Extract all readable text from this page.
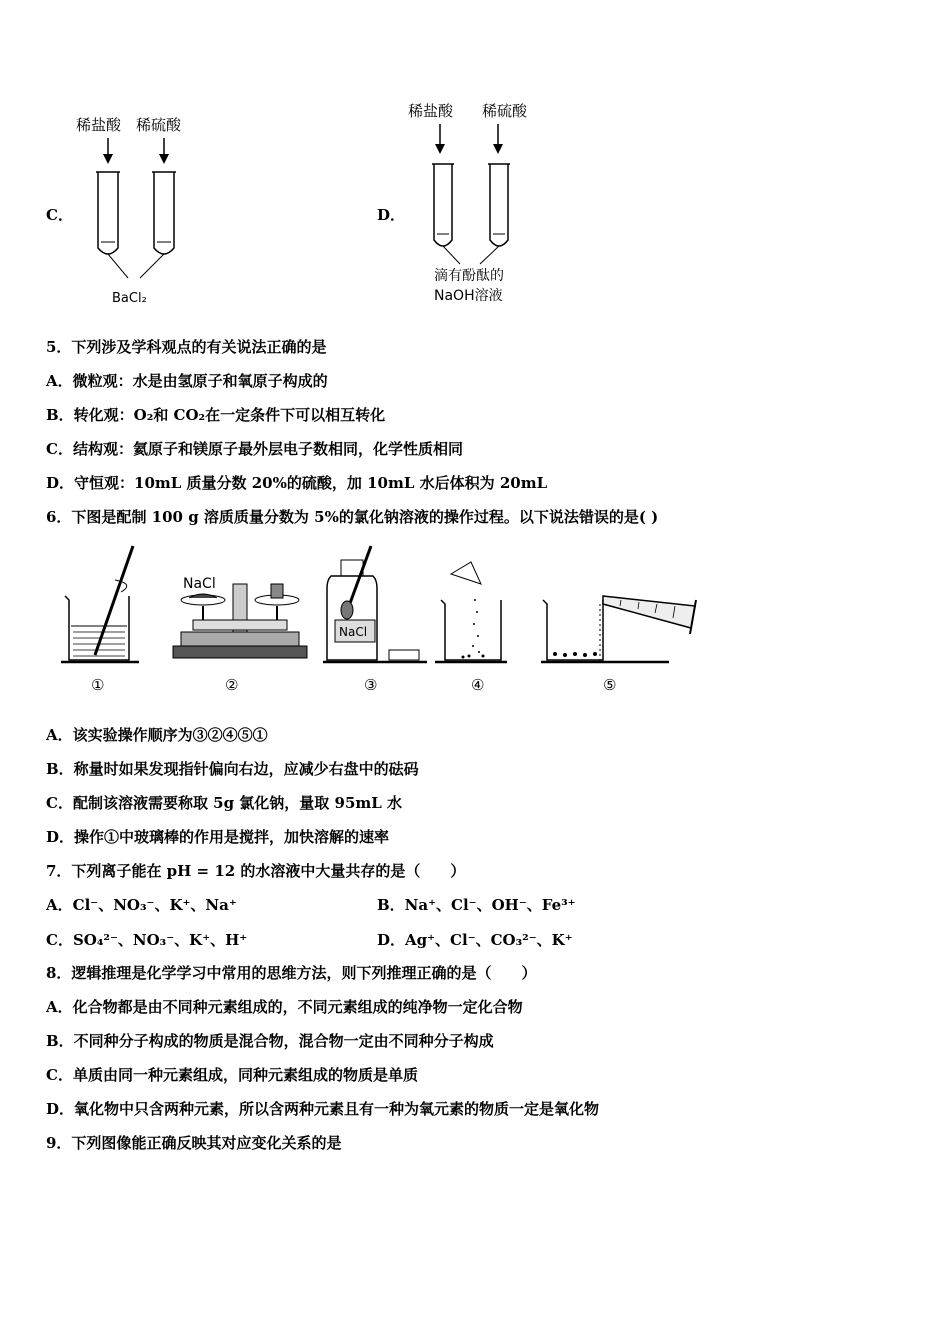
C．
稀盐酸 稀硫酸
BaCl₂
D．
稀盐酸 稀硫酸
滴有酚酞的
NaOH溶液
5．下列涉及学科观点的有关说法正确的是
A．微粒观：水是由氢原子和氧原子构成的
B．转化观：O₂和 CO₂在一定条件下可以相互转化
C．结构观：氦原子和镁原子最外层电子数相同，化学性质相同
D．守恒观：10mL 质量分数 20%的硫酸，加 10mL 水后体积为 20mL
6．下图是配制 100 g 溶质质量分数为 5%的氯化钠溶液的操作过程。以下说法错误的是( )
NaCl
NaCl
①	②	③	④	⑤
A．该实验操作顺序为③②④⑤①
B．称量时如果发现指针偏向右边，应减少右盘中的砝码
C．配制该溶液需要称取 5g 氯化钠，量取 95mL 水
D．操作①中玻璃棒的作用是搅拌，加快溶解的速率
7．下列离子能在 pH = 12 的水溶液中大量共存的是（　　）
A．Cl⁻、NO₃⁻、K⁺、Na⁺	B．Na⁺、Cl⁻、OH⁻、Fe³⁺
C．SO₄²⁻、NO₃⁻、K⁺、H⁺	D．Ag⁺、Cl⁻、CO₃²⁻、K⁺
8．逻辑推理是化学学习中常用的思维方法，则下列推理正确的是（　　）
A．化合物都是由不同种元素组成的，不同元素组成的纯净物一定化合物
B．不同种分子构成的物质是混合物，混合物一定由不同种分子构成
C．单质由同一种元素组成，同种元素组成的物质是单质
D．氧化物中只含两种元素，所以含两种元素且有一种为氧元素的物质一定是氧化物
9．下列图像能正确反映其对应变化关系的是
